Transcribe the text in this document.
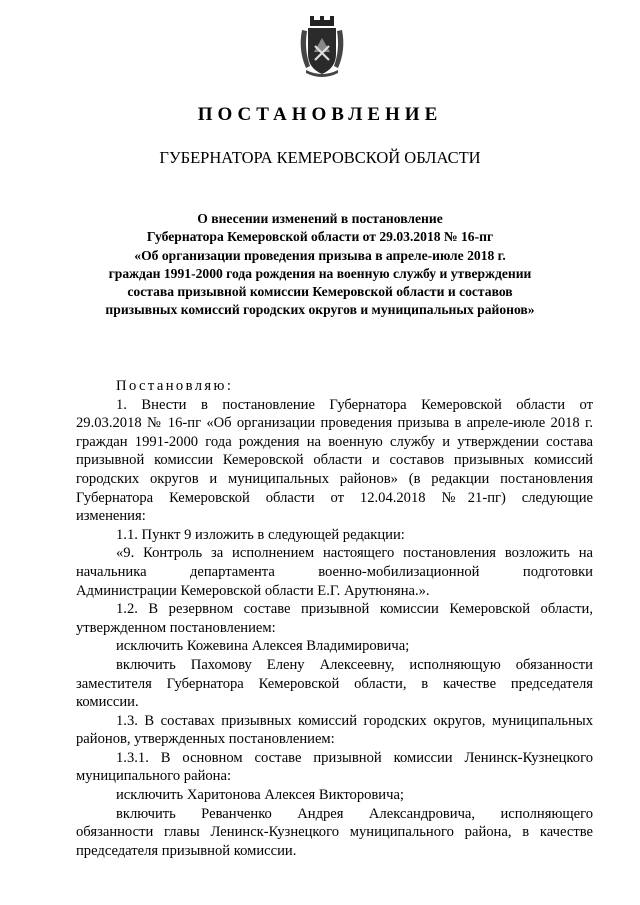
ПОСТАНОВЛЕНИЕ
ГУБЕРНАТОРА КЕМЕРОВСКОЙ ОБЛАСТИ
О внесении изменений в постановление
Губернатора Кемеровской области от 29.03.2018 № 16-пг
«Об организации проведения призыва в апреле-июле 2018 г.
граждан 1991-2000 года рождения на военную службу и утверждении
состава призывной комиссии Кемеровской области и составов
призывных комиссий городских округов и муниципальных районов»
Постановляю:
1. Внести в постановление Губернатора Кемеровской области от
29.03.2018 № 16-пг «Об организации проведения призыва в апреле-июле 2018 г.
граждан 1991-2000 года рождения на военную службу и утверждении состава
призывной комиссии Кемеровской области и составов призывных комиссий
городских округов и муниципальных районов» (в редакции постановления
Губернатора Кемеровской области от 12.04.2018 №21-пг) следующие
изменения:
1.1. Пункт 9 изложить в следующей редакции:
«9. Контроль за исполнением настоящего постановления возложить на
начальника департамента военно-мобилизационной подготовки
Администрации Кемеровской области Е.Г. Арутюняна.».
1.2. В резервном составе призывной комиссии Кемеровской области,
утвержденном постановлением:
исключить Кожевина Алексея Владимировича;
включить Пахомову Елену Алексеевну, исполняющую обязанности
заместителя Губернатора Кемеровской области, в качестве председателя
комиссии.
1.3. В составах призывных комиссий городских округов, муниципальных
районов, утвержденных постановлением:
1.3.1. В основном составе призывной комиссии Ленинск-Кузнецкого
муниципального района:
исключить Харитонова Алексея Викторовича;
включить Реванченко Андрея Александровича, исполняющего
обязанности главы Ленинск-Кузнецкого муниципального района, в качестве
председателя призывной комиссии.
